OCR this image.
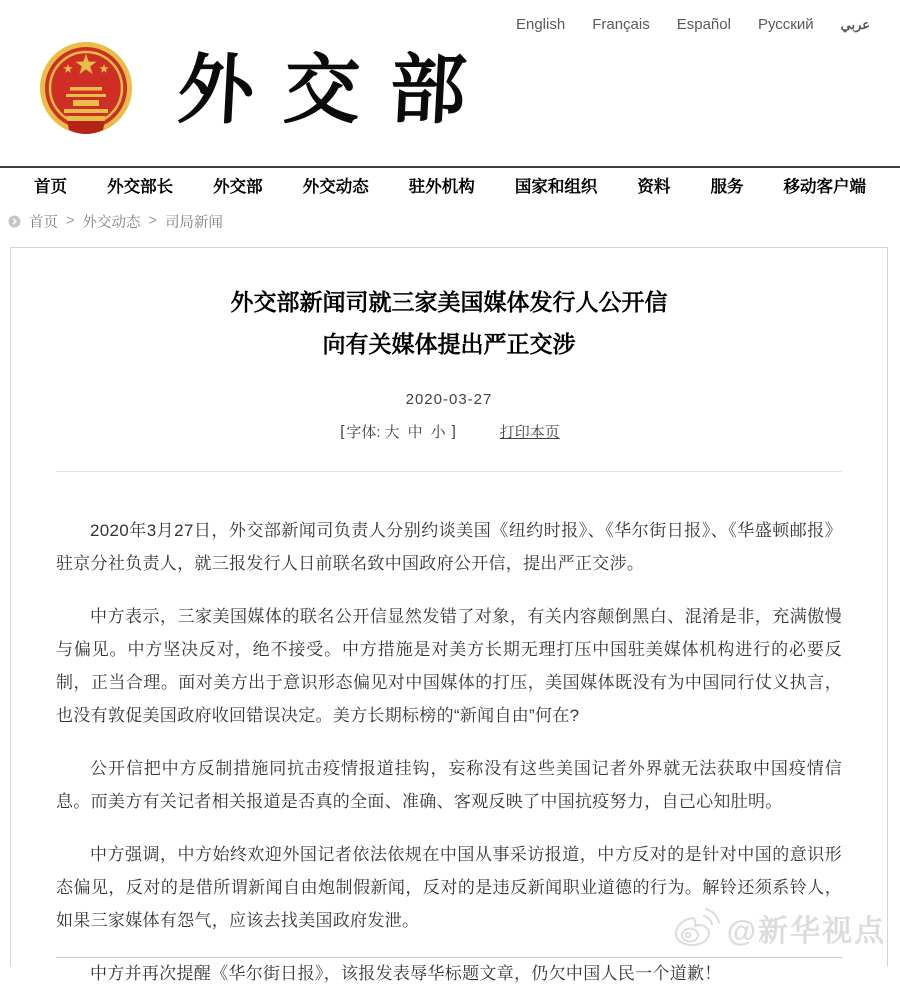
English Français Español Русский عربي
外交部
首页 外交部长 外交部 外交动态 驻外机构 国家和组织 资料 服务 移动客户端
首页 > 外交动态 > 司局新闻
外交部新闻司就三家美国媒体发行人公开信
向有关媒体提出严正交涉
2020-03-27
[ 字体: 大 中 小 ]	打印本页

2020年3月27日，外交部新闻司负责人分别约谈美国《纽约时报》、《华尔街日报》、《华盛顿邮报》驻京分社负责人，就三报发行人日前联名致中国政府公开信，提出严正交涉。

中方表示，三家美国媒体的联名公开信显然发错了对象，有关内容颠倒黑白、混淆是非，充满傲慢与偏见。中方坚决反对，绝不接受。中方措施是对美方长期无理打压中国驻美媒体机构进行的必要反制，正当合理。面对美方出于意识形态偏见对中国媒体的打压，美国媒体既没有为中国同行仗义执言，也没有敦促美国政府收回错误决定。美方长期标榜的“新闻自由”何在?

公开信把中方反制措施同抗击疫情报道挂钩，妄称没有这些美国记者外界就无法获取中国疫情信息。而美方有关记者相关报道是否真的全面、准确、客观反映了中国抗疫努力，自己心知肚明。

中方强调，中方始终欢迎外国记者依法依规在中国从事采访报道，中方反对的是针对中国的意识形态偏见，反对的是借所谓新闻自由炮制假新闻，反对的是违反新闻职业道德的行为。解铃还须系铃人，如果三家媒体有怨气，应该去找美国政府发泄。

中方并再次提醒《华尔街日报》，该报发表辱华标题文章，仍欠中国人民一个道歉！

@新华视点
